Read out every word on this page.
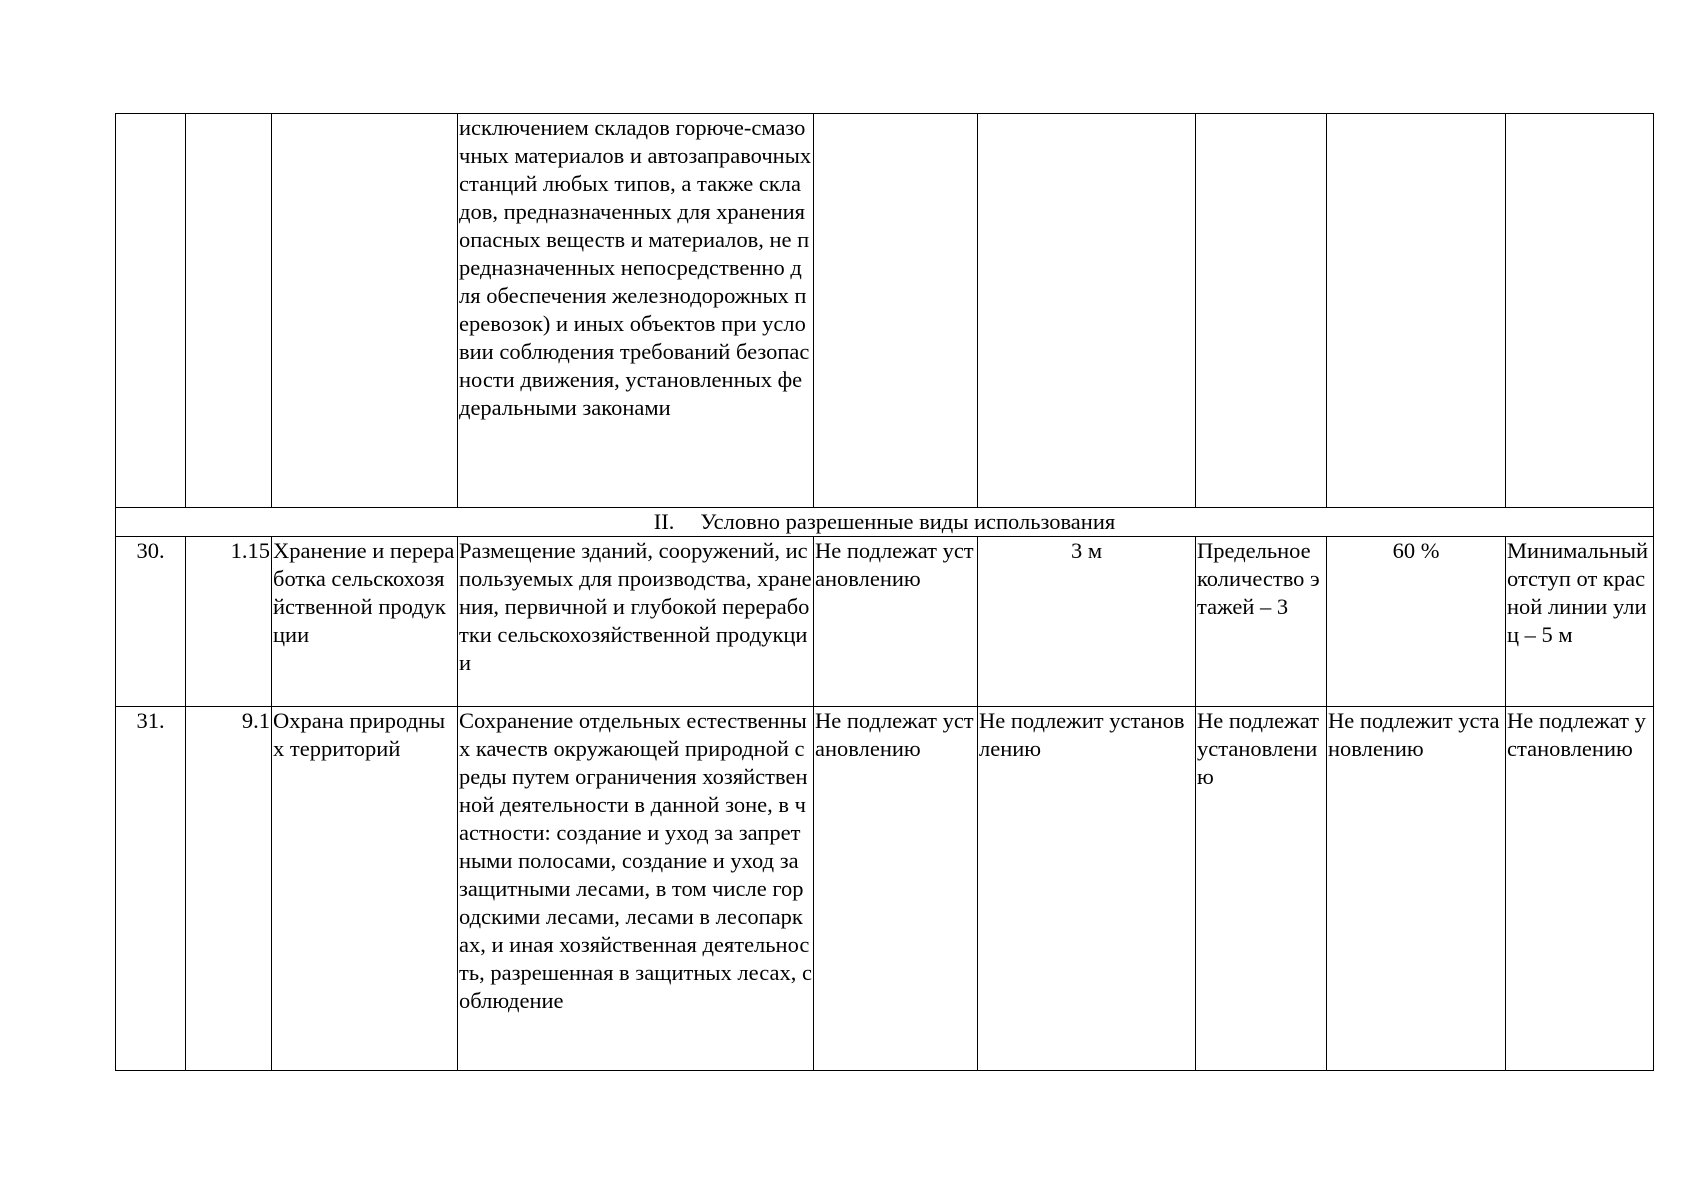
			исключением складов горюче-смазочных материалов и автозаправочных станций любых типов, а также складов, предназначенных для хранения опасных веществ и материалов, не предназначенных непосредственно для обеспечения железнодорожных перевозок) и иных объектов при условии соблюдения требований безопасности движения, установленных федеральными законами					
II. Условно разрешенные виды использования								
30.	1.15	Хранение и переработка сельскохозяйственной продукции	Размещение зданий, сооружений, используемых для производства, хранения, первичной и глубокой переработки сельскохозяйственной продукции	Не подлежат установлению	3 м	Предельное количество этажей – 3	60 %	Минимальный отступ от красной линии улиц – 5 м
31.	9.1	Охрана природных территорий	Сохранение отдельных естественных качеств окружающей природной среды путем ограничения хозяйственной деятельности в данной зоне, в частности: создание и уход за запретными полосами, создание и уход за защитными лесами, в том числе городскими лесами, лесами в лесопарках, и иная хозяйственная деятельность, разрешенная в защитных лесах, соблюдение	Не подлежат установлению	Не подлежит установлению	Не подлежат установлению	Не подлежит установлению	Не подлежат установлению
